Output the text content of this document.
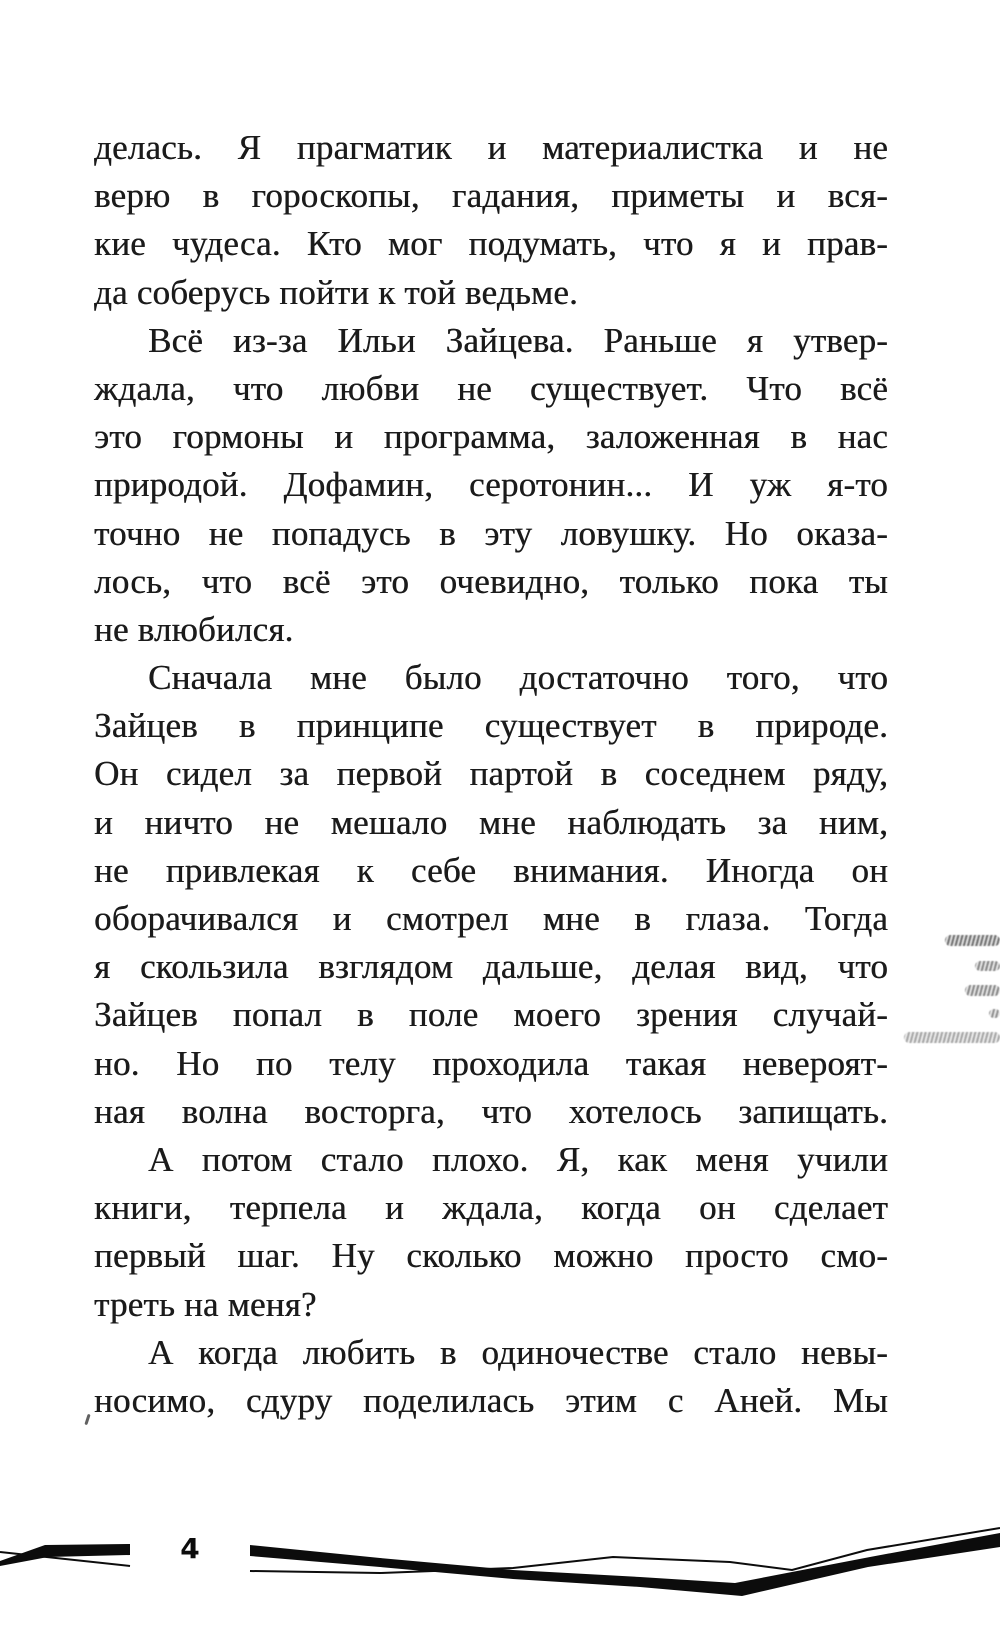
делась. Я прагматик и материалистка и не
верю в гороскопы, гадания, приметы и вся-
кие чудеса. Кто мог подумать, что я и прав-
да соберусь пойти к той ведьме.
Всё из-за Ильи Зайцева. Раньше я утвер-
ждала, что любви не существует. Что всё
это гормоны и программа, заложенная в нас
природой. Дофамин, серотонин... И уж я-то
точно не попадусь в эту ловушку. Но оказа-
лось, что всё это очевидно, только пока ты
не влюбился.
Сначала мне было достаточно того, что
Зайцев в принципе существует в природе.
Он сидел за первой партой в соседнем ряду,
и ничто не мешало мне наблюдать за ним,
не привлекая к себе внимания. Иногда он
оборачивался и смотрел мне в глаза. Тогда
я скользила взглядом дальше, делая вид, что
Зайцев попал в поле моего зрения случай-
но. Но по телу проходила такая невероят-
ная волна восторга, что хотелось запищать.
А потом стало плохо. Я, как меня учили
книги, терпела и ждала, когда он сделает
первый шаг. Ну сколько можно просто смо-
треть на меня?
А когда любить в одиночестве стало невы-
носимо, сдуру поделилась этим с Аней. Мы
4
